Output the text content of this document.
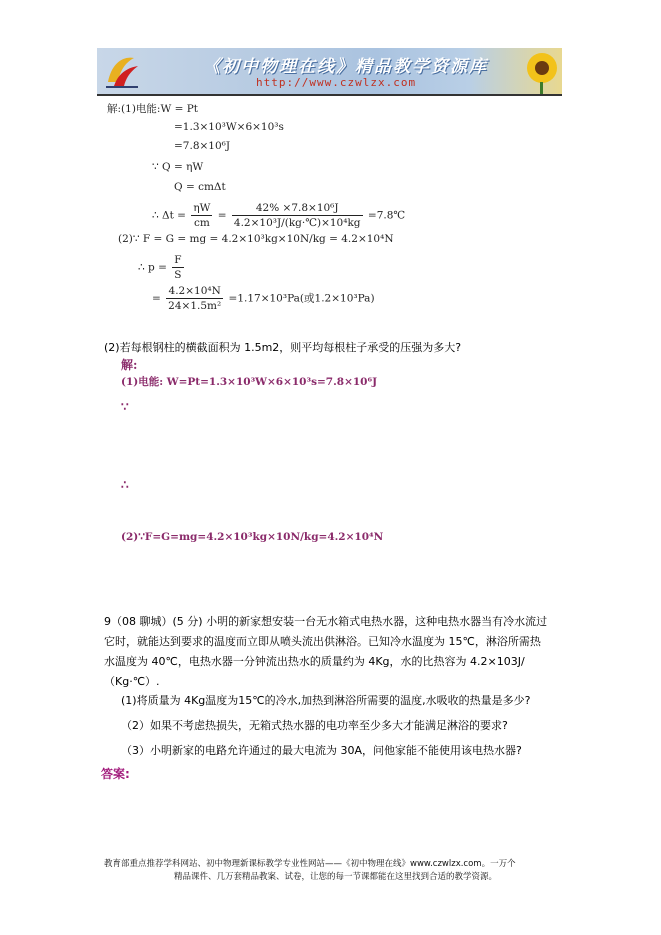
《初中物理在线》精品教学资源库
http://www.czwlzx.com
解:(1)电能:W = Pt
=1.3×10³W×6×10³s
=7.8×10⁶J
∵ Q = ηW
Q = cmΔt
∴ $\Delta t = \frac{\eta W}{cm} = \frac{\text{42\% ×7.8×10⁶J}}{\text{4.2×10³J/(kg·℃)×10⁴kg}}$ =7.8℃
(2)∵ F = G = mg = 4.2×10³kg×10N/kg = 4.2×10⁴N
∴ $p = \frac{F}{S}$
= $\frac{\text{4.2×10⁴N}}{\text{24×1.5m²}} =1.17\times 10^3Pa$(或1.2×10³Pa)
(2)若每根钢柱的横截面积为 1.5m2，则平均每根柱子承受的压强为多大?
解:
(1)电能: W=Pt=1.3×10³W×6×10³s=7.8×10⁶J
∵
∴
(2)∵F=G=mg=4.2×10³kg×10N/kg=4.2×10⁴N
9（08 聊城）(5 分) 小明的新家想安装一台无水箱式电热水器，这种电热水器当有冷水流过
它时，就能达到要求的温度而立即从喷头流出供淋浴。已知冷水温度为 15℃，淋浴所需热
水温度为 40℃，电热水器一分钟流出热水的质量约为 4Kg，水的比热容为 4.2×103J/
（Kg·℃）.
(1)将质量为 4Kg温度为15℃的冷水,加热到淋浴所需要的温度,水吸收的热量是多少?
（2）如果不考虑热损失，无箱式热水器的电功率至少多大才能满足淋浴的要求?
（3）小明新家的电路允许通过的最大电流为 30A，问他家能不能使用该电热水器?
答案:
教育部重点推荐学科网站、初中物理新课标教学专业性网站——《初中物理在线》www.czwlzx.com。一万个
精品课件、几万套精品教案、试卷，让您的每一节课都能在这里找到合适的教学资源。
